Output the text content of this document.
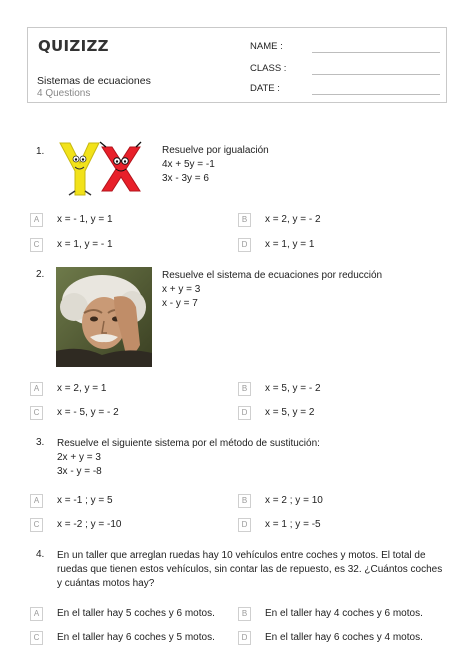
QUIZIZZ
Sistemas de ecuaciones
4 Questions
NAME :
CLASS :
DATE :
1.	Resuelve por igualación
4x + 5y = -1
3x - 3y = 6
A	x = - 1, y = 1	B	x = 2, y = - 2
C	x = 1, y = - 1	D	x = 1, y = 1
2.	Resuelve el sistema de ecuaciones por reducción
x + y = 3
x - y = 7
A	x = 2, y = 1	B	x = 5, y = - 2
C	x = - 5, y = - 2	D	x = 5, y = 2
3. Resuelve el siguiente sistema por el método de sustitución:
2x + y = 3
3x - y = -8
A	x = -1 ; y = 5	B	x = 2 ; y = 10
C	x = -2 ; y = -10	D	x = 1 ; y = -5
4. En un taller que arreglan ruedas hay 10 vehículos entre coches y motos. El total de ruedas que tienen estos vehículos, sin contar las de repuesto, es 32. ¿Cuántos coches y cuántas motos hay?
A	En el taller hay 5 coches y 6 motos.	B	En el taller hay 4 coches y 6 motos.
C	En el taller hay 6 coches y 5 motos.	D	En el taller hay 6 coches y 4 motos.
